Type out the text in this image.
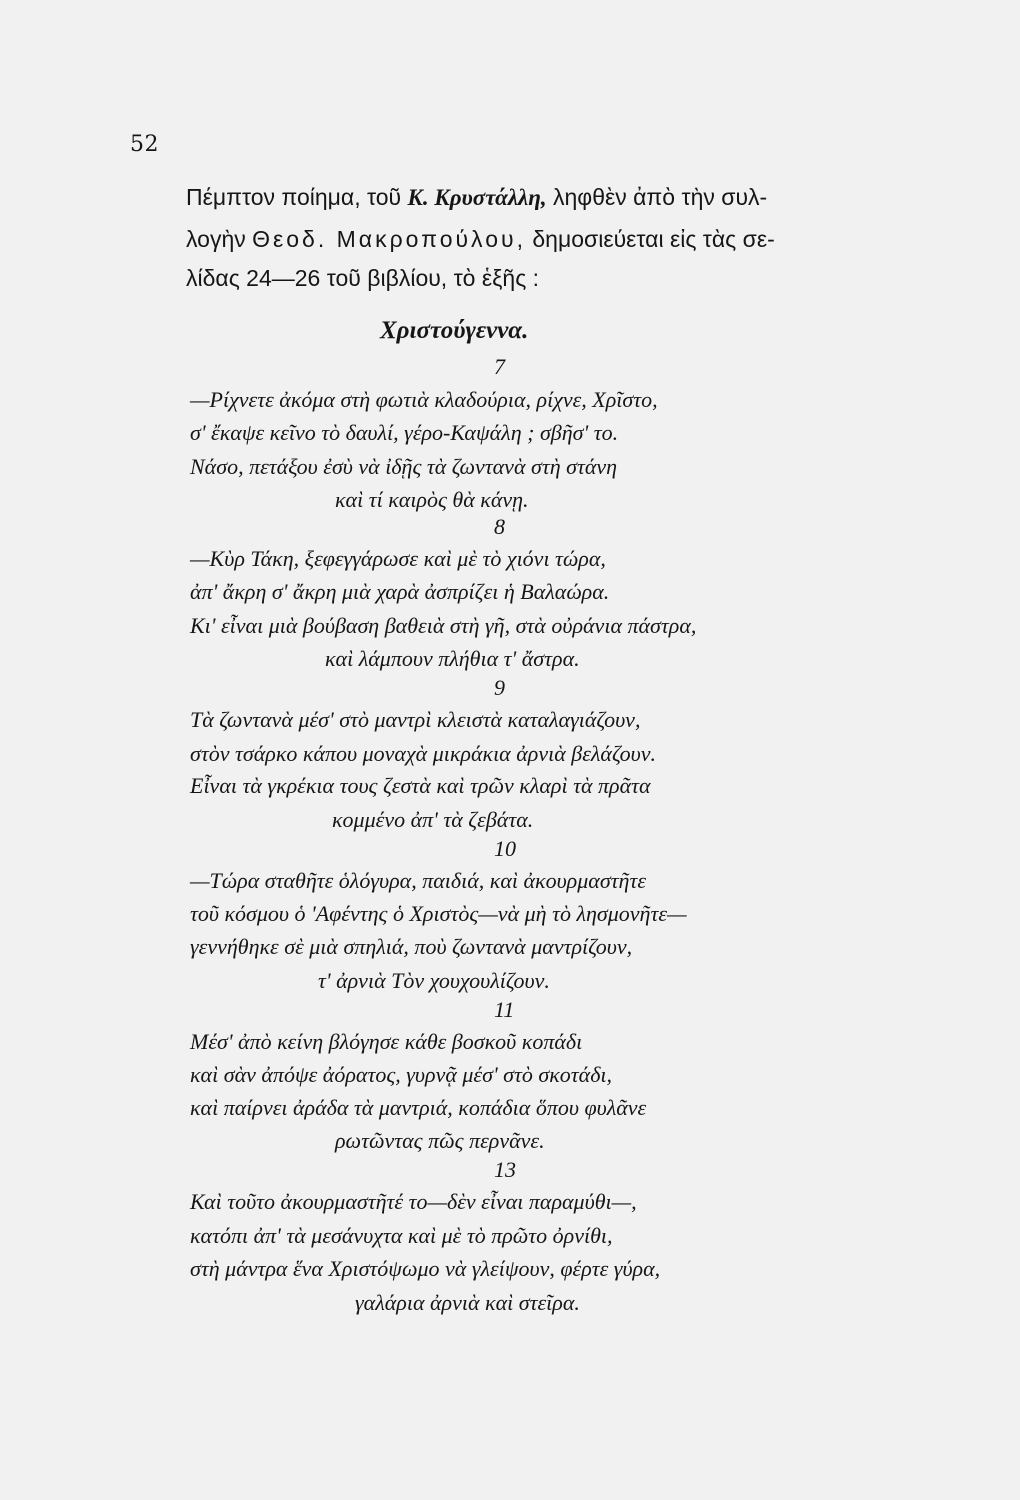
52
Πέμπτον ποίημα, τοῦ Κ. Κρυστάλλη, ληφθὲν ἀπὸ τὴν συλ-
λογὴν Θεοδ. Μακροπούλου, δημοσιεύεται εἰς τὰς σε-
λίδας 24—26 τοῦ βιβλίου, τὸ ἑξῆς :
Χριστούγεννα.
7
—Ρίχνετε ἀκόμα στὴ φωτιὰ κλαδούρια, ρίχνε, Χρῖστο,
σ' ἔκαψε κεῖνο τὸ δαυλί, γέρο-Καψάλη ; σβῆσ' το.
Νάσο, πετάξου ἐσὺ νὰ ἰδῇς τὰ ζωντανὰ στὴ στάνη
καὶ τί καιρὸς θὰ κάνῃ.
8
—Κὺρ Τάκη, ξεφεγγάρωσε καὶ μὲ τὸ χιόνι τώρα,
ἀπ' ἄκρη σ' ἄκρη μιὰ χαρὰ ἀσπρίζει ἡ Βαλαώρα.
Κι' εἶναι μιὰ βούβαση βαθειὰ στὴ γῆ, στὰ οὐράνια πάστρα,
καὶ λάμπουν πλήθια τ' ἄστρα.
9
Τὰ ζωντανὰ μέσ' στὸ μαντρὶ κλειστὰ καταλαγιάζουν,
στὸν τσάρκο κάπου μοναχὰ μικράκια ἀρνιὰ βελάζουν.
Εἶναι τὰ γκρέκια τους ζεστὰ καὶ τρῶν κλαρὶ τὰ πρᾶτα
κομμένο ἀπ' τὰ ζεβάτα.
10
—Τώρα σταθῆτε ὁλόγυρα, παιδιά, καὶ ἀκουρμαστῆτε
τοῦ κόσμου ὁ 'Αφέντης ὁ Χριστὸς—νὰ μὴ τὸ λησμονῆτε—
γεννήθηκε σὲ μιὰ σπηλιά, ποὺ ζωντανὰ μαντρίζουν,
τ' ἀρνιὰ Τὸν χουχουλίζουν.
11
Μέσ' ἀπὸ κείνη βλόγησε κάθε βοσκοῦ κοπάδι
καὶ σὰν ἀπόψε ἀόρατος, γυρνᾷ μέσ' στὸ σκοτάδι,
καὶ παίρνει ἀράδα τὰ μαντριά, κοπάδια ὅπου φυλᾶνε
ρωτῶντας πῶς περνᾶνε.
13
Καὶ τοῦτο ἀκουρμαστῆτέ το—δὲν εἶναι παραμύθι—,
κατόπι ἀπ' τὰ μεσάνυχτα καὶ μὲ τὸ πρῶτο ὀρνίθι,
στὴ μάντρα ἕνα Χριστόψωμο νὰ γλείψουν, φέρτε γύρα,
γαλάρια ἀρνιὰ καὶ στεῖρα.
